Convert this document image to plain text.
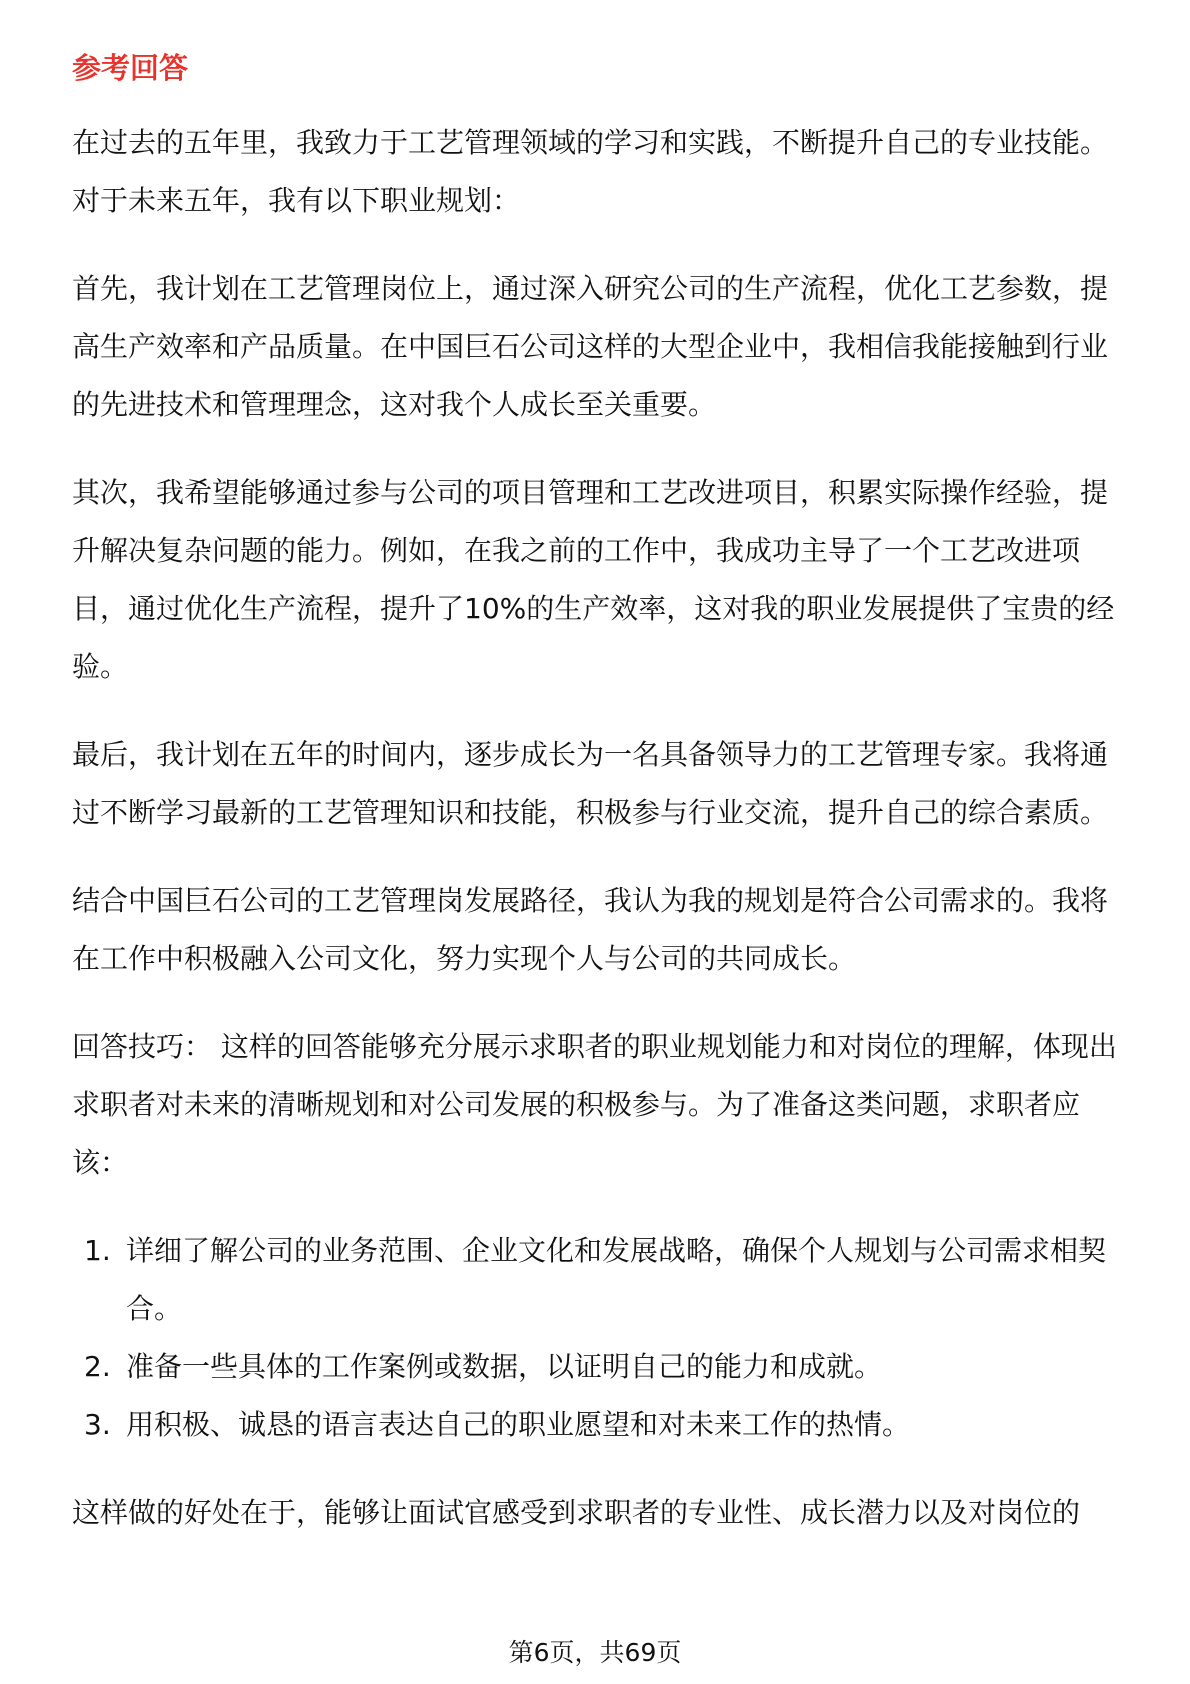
参考回答

在过去的五年里，我致力于工艺管理领域的学习和实践，不断提升自己的专业技能。对于未来五年，我有以下职业规划：

首先，我计划在工艺管理岗位上，通过深入研究公司的生产流程，优化工艺参数，提高生产效率和产品质量。在中国巨石公司这样的大型企业中，我相信我能接触到行业的先进技术和管理理念，这对我个人成长至关重要。

其次，我希望能够通过参与公司的项目管理和工艺改进项目，积累实际操作经验，提升解决复杂问题的能力。例如，在我之前的工作中，我成功主导了一个工艺改进项目，通过优化生产流程，提升了10%的生产效率，这对我的职业发展提供了宝贵的经验。

最后，我计划在五年的时间内，逐步成长为一名具备领导力的工艺管理专家。我将通过不断学习最新的工艺管理知识和技能，积极参与行业交流，提升自己的综合素质。

结合中国巨石公司的工艺管理岗发展路径，我认为我的规划是符合公司需求的。我将在工作中积极融入公司文化，努力实现个人与公司的共同成长。

回答技巧： 这样的回答能够充分展示求职者的职业规划能力和对岗位的理解，体现出求职者对未来的清晰规划和对公司发展的积极参与。为了准备这类问题，求职者应该：

1. 详细了解公司的业务范围、企业文化和发展战略，确保个人规划与公司需求相契合。
2. 准备一些具体的工作案例或数据，以证明自己的能力和成就。
3. 用积极、诚恳的语言表达自己的职业愿望和对未来工作的热情。

这样做的好处在于，能够让面试官感受到求职者的专业性、成长潜力以及对岗位的

第6页，共69页
